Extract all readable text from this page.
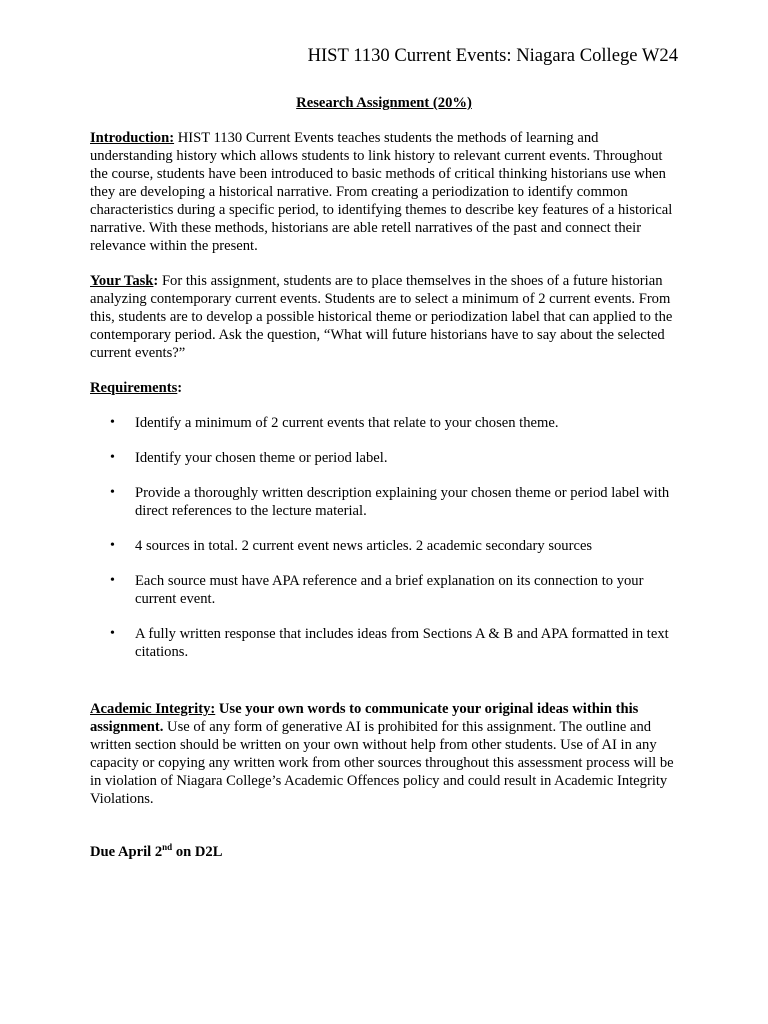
HIST 1130 Current Events: Niagara College W24
Research Assignment (20%)

Introduction: HIST 1130 Current Events teaches students the methods of learning and understanding history which allows students to link history to relevant current events. Throughout the course, students have been introduced to basic methods of critical thinking historians use when they are developing a historical narrative. From creating a periodization to identify common characteristics during a specific period, to identifying themes to describe key features of a historical narrative. With these methods, historians are able retell narratives of the past and connect their relevance within the present.

Your Task: For this assignment, students are to place themselves in the shoes of a future historian analyzing contemporary current events. Students are to select a minimum of 2 current events. From this, students are to develop a possible historical theme or periodization label that can applied to the contemporary period. Ask the question, “What will future historians have to say about the selected current events?”

Requirements:

• Identify a minimum of 2 current events that relate to your chosen theme.
• Identify your chosen theme or period label.
• Provide a thoroughly written description explaining your chosen theme or period label with direct references to the lecture material.
• 4 sources in total. 2 current event news articles. 2 academic secondary sources
• Each source must have APA reference and a brief explanation on its connection to your current event.
• A fully written response that includes ideas from Sections A & B and APA formatted in text citations.

Academic Integrity: Use your own words to communicate your original ideas within this assignment. Use of any form of generative AI is prohibited for this assignment. The outline and written section should be written on your own without help from other students. Use of AI in any capacity or copying any written work from other sources throughout this assessment process will be in violation of Niagara College’s Academic Offences policy and could result in Academic Integrity Violations.

Due April 2nd on D2L
